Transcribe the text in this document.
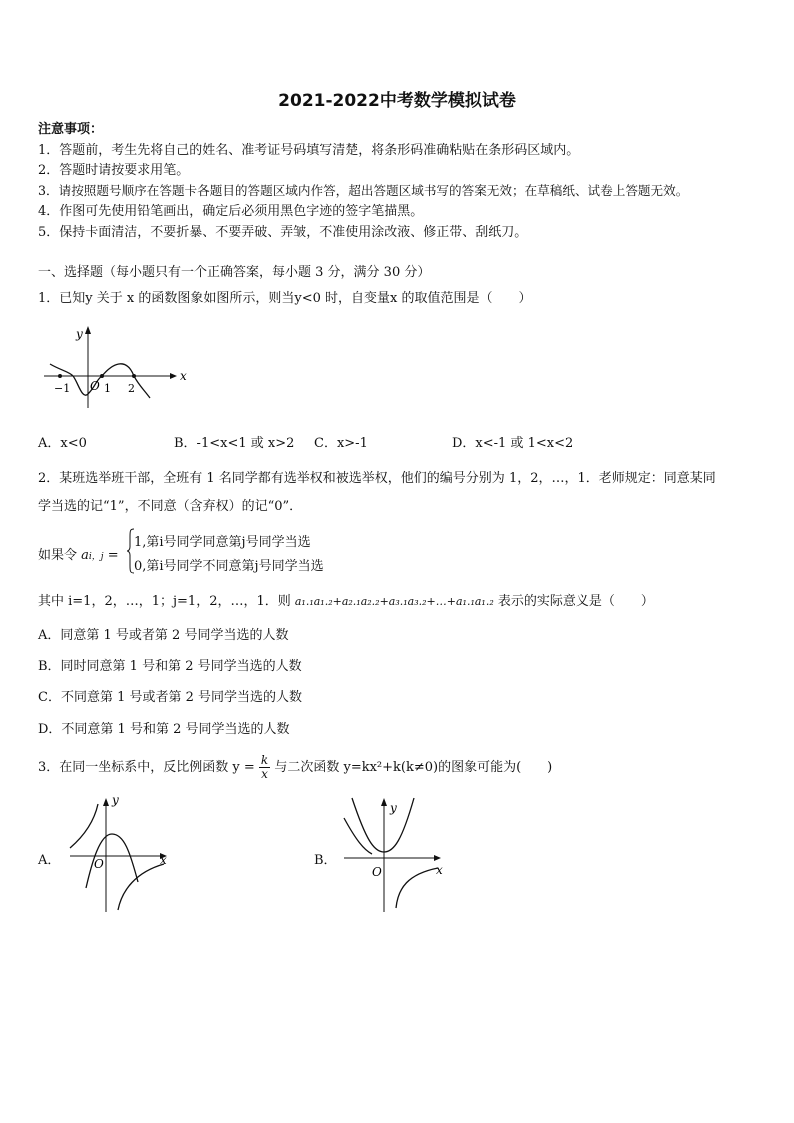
2021-2022中考数学模拟试卷
注意事项：
1．答题前，考生先将自己的姓名、准考证号码填写清楚，将条形码准确粘贴在条形码区域内。
2．答题时请按要求用笔。
3．请按照题号顺序在答题卡各题目的答题区域内作答，超出答题区域书写的答案无效；在草稿纸、试卷上答题无效。
4．作图可先使用铅笔画出，确定后必须用黑色字迹的签字笔描黑。
5．保持卡面清洁，不要折暴、不要弄破、弄皱，不准使用涂改液、修正带、刮纸刀。
一、选择题（每小题只有一个正确答案，每小题 3 分，满分 30 分）
1．已知y 关于 x 的函数图象如图所示，则当y<0 时，自变量x 的取值范围是（　　）
y
x
O
−1	1 2
A．x<0	B．-1<x<1 或 x>2 C．x>-1	D．x<-1 或 1<x<2
2．某班选举班干部，全班有 1 名同学都有选举权和被选举权，他们的编号分别为 1，2，…，1．老师规定：同意某同
学当选的记“1”，不同意（含弃权）的记“0”．
如果令 ai，j =
1,第i号同学同意第j号同学当选
0,第i号同学不同意第j号同学当选
其中 i=1，2，…，1；j=1，2，…，1．则 a₁.₁a₁.₂+a₂.₁a₂.₂+a₃.₁a₃.₂+…+a₁.₁a₁.₂ 表示的实际意义是（　　）
A．同意第 1 号或者第 2 号同学当选的人数
B．同时同意第 1 号和第 2 号同学当选的人数
C．不同意第 1 号或者第 2 号同学当选的人数
D．不同意第 1 号和第 2 号同学当选的人数
3．在同一坐标系中，反比例函数 $y = \frac{k}{x}$ 与二次函数 y=kx²+k(k≠0)的图象可能为(　　)
A．
y
x
O	B．
y
x
O
